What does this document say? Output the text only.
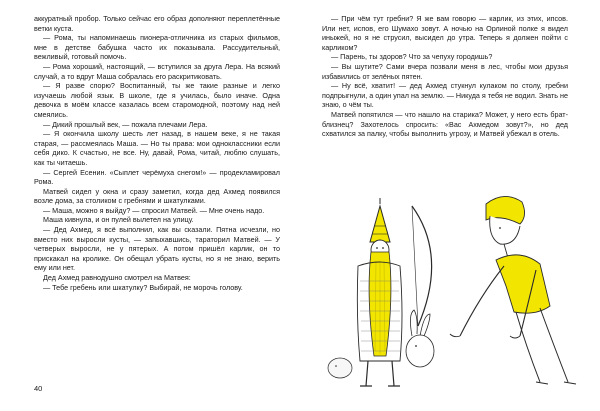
аккуратный пробор. Только сейчас его образ дополняют переплетённые ветки куста.

— Рома, ты напоминаешь пионера-отличника из старых фильмов, мне в детстве бабушка часто их показывала. Рассудительный, вежливый, готовый помочь.

— Рома хороший, настоящий, — вступился за друга Лера. На всякий случай, а то вдруг Маша собралась его раскритиковать.

— Я разве спорю? Воспитанный, ты же такие разные и легко изучаешь любой язык. В школе, где я училась, было иначе. Одна девочка в моём классе казалась всем старомодной, поэтому над ней смеялись.

— Дикий прошлый век, — пожала плечами Лера.

— Я окончила школу шесть лет назад, в нашем веке, я не такая старая, — рассмеялась Маша. — Но ты права: мои одноклассники если себя дико. К счастью, не все. Ну, давай, Рома, читай, люблю слушать, как ты читаешь.

— Сергей Есенин. «Сыплет черёмуха снегом!» — продекламировал Рома.

Матвей сидел у окна и сразу заметил, когда дед Ахмед появился возле дома, за столиком с гребнями и шкатулками.

— Маша, можно я выйду? — спросил Матвей. — Мне очень надо.

Маша кивнула, и он пулей вылетел на улицу.

— Дед Ахмед, я всё выполнил, как вы сказали. Пятна исчезли, но вместо них выросли кусты, — запыхавшись, тараторил Матвей. — У четверых выросли, не у пятерых. А потом пришёл карлик, он то прискакал на кролике. Он обещал убрать кусты, но я не знаю, верить ему или нет.

Дед Ахмед равнодушно смотрел на Матвея:

— Тебе гребень или шкатулку? Выбирай, не морочь голову.

40

— При чём тут гребни? Я же вам говорю — карлик, из этих, ипсов. Или нет, испов, его Шумахо зовут. А ночью на Орлиной полке я видел иныжей, но я не струсил, высидел до утра. Теперь я должен пойти с карликом?

— Парень, ты здоров? Что за чепуху городишь?

— Вы шутите? Сами вчера позвали меня в лес, чтобы мои друзья избавились от зелёных пятен.

— Ну всё, хватит! — дед Ахмед стукнул кулаком по столу, гребни подпрыгнули, а один упал на землю. — Никуда я тебя не водил. Знать не знаю, о чём ты.

Матвей попятился — что нашло на старика? Может, у него есть брат-близнец? Захотелось спросить: «Вас Ахмедом зовут?», но дед схватился за палку, чтобы выполнить угрозу, и Матвей убежал в отель.
